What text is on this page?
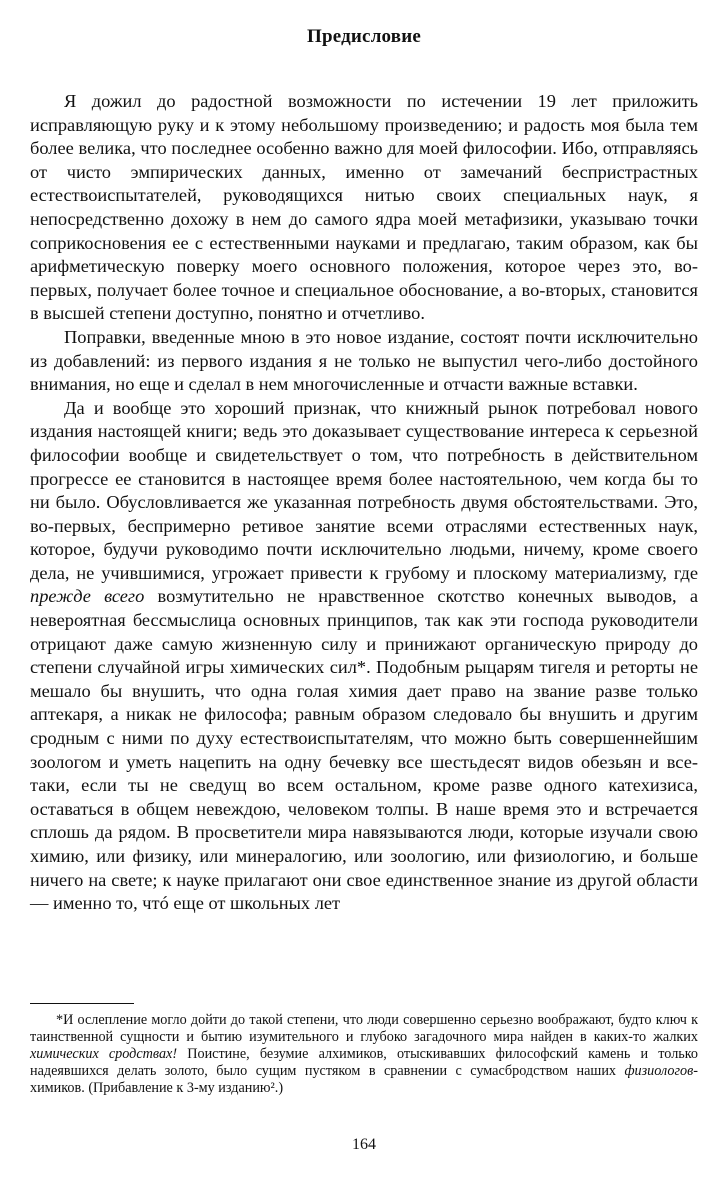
Предисловие

Я дожил до радостной возможности по истечении 19 лет приложить исправляющую руку и к этому небольшому произведению; и радость моя была тем более велика, что последнее особенно важно для моей философии. Ибо, отправляясь от чисто эмпирических данных, именно от замечаний беспристрастных естествоиспытателей, руководящихся нитью своих специальных наук, я непосредственно дохожу в нем до самого ядра моей метафизики, указываю точки соприкосновения ее с естественными науками и предлагаю, таким образом, как бы арифметическую поверку моего основного положения, которое через это, во-первых, получает более точное и специальное обоснование, а во-вторых, становится в высшей степени доступно, понятно и отчетливо.

Поправки, введенные мною в это новое издание, состоят почти исключительно из добавлений: из первого издания я не только не выпустил чего-либо достойного внимания, но еще и сделал в нем многочисленные и отчасти важные вставки.

Да и вообще это хороший признак, что книжный рынок потребовал нового издания настоящей книги; ведь это доказывает существование интереса к серьезной философии вообще и свидетельствует о том, что потребность в действительном прогрессе ее становится в настоящее время более настоятельною, чем когда бы то ни было. Обусловливается же указанная потребность двумя обстоятельствами. Это, во-первых, беспримерно ретивое занятие всеми отраслями естественных наук, которое, будучи руководимо почти исключительно людьми, ничему, кроме своего дела, не учившимися, угрожает привести к грубому и плоскому материализму, где прежде всего возмутительно не нравственное скотство конечных выводов, а невероятная бессмыслица основных принципов, так как эти господа руководители отрицают даже самую жизненную силу и принижают органическую природу до степени случайной игры химических сил*. Подобным рыцарям тигеля и реторты не мешало бы внушить, что одна голая химия дает право на звание разве только аптекаря, а никак не философа; равным образом следовало бы внушить и другим сродным с ними по духу естествоиспытателям, что можно быть совершеннейшим зоологом и уметь нацепить на одну бечевку все шестьдесят видов обезьян и все-таки, если ты не сведущ во всем остальном, кроме разве одного катехизиса, оставаться в общем невеждою, человеком толпы. В наше время это и встречается сплошь да рядом. В просветители мира навязываются люди, которые изучали свою химию, или физику, или минералогию, или зоологию, или физиологию, и больше ничего на свете; к науке прилагают они свое единственное знание из другой области — именно то, чтó еще от школьных лет

*И ослепление могло дойти до такой степени, что люди совершенно серьезно воображают, будто ключ к таинственной сущности и бытию изумительного и глубоко загадочного мира найден в каких-то жалких химических сродствах! Поистине, безумие алхимиков, отыскивавших философский камень и только надеявшихся делать золото, было сущим пустяком в сравнении с сумасбродством наших физиологов-химиков. (Прибавление к 3-му изданию².)

164
